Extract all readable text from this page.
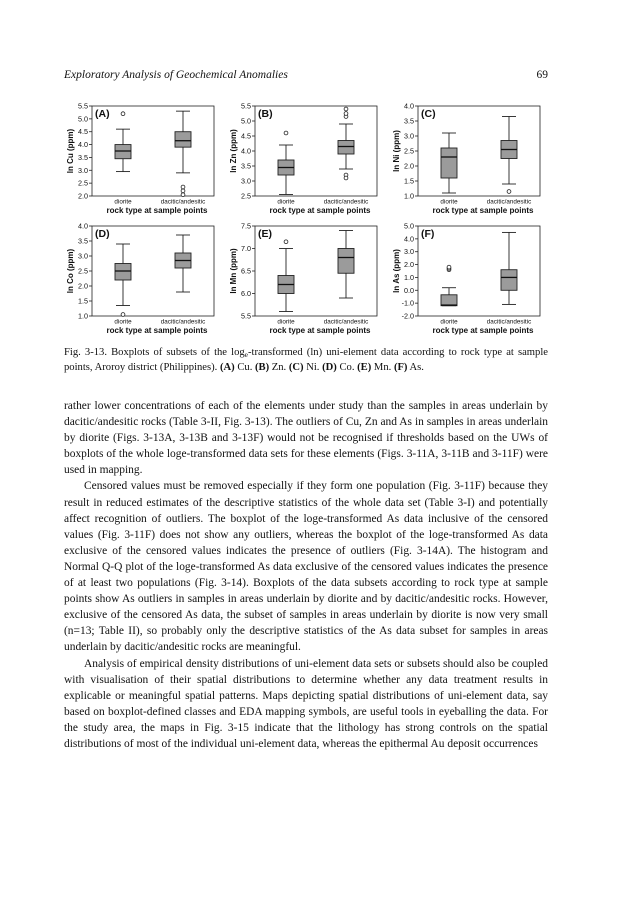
Exploratory Analysis of Geochemical Anomalies	69
2.0
2.5
3.0
3.5
4.0
4.5
5.0
5.5
ln Cu (ppm)
(A)
diorite	dacitic/andesitic
rock type at sample points
2.5
3.0
3.5
4.0
4.5
5.0
5.5
ln Zn (ppm)
(B)
diorite	dacitic/andesitic
rock type at sample points
1.0
1.5
2.0
2.5
3.0
3.5
4.0
ln Ni (ppm)
(C)
diorite	dacitic/andesitic
rock type at sample points
1.0
1.5
2.0
2.5
3.0
3.5
4.0
ln Co (ppm)
(D)
diorite	dacitic/andesitic
rock type at sample points
5.5
6.0
6.5
7.0
7.5
ln Mn (ppm)
(E)
diorite	dacitic/andesitic
rock type at sample points
-2.0
-1.0
0.0
1.0
2.0
3.0
4.0
5.0
ln As (ppm)
(F)
diorite	dacitic/andesitic
rock type at sample points
Fig. 3-13. Boxplots of subsets of the $\log_e$-transformed (ln) uni-element data according to rock type at sample points, Aroroy district (Philippines). (A) Cu. (B) Zn. (C) Ni. (D) Co. (E) Mn. (F) As.

rather lower concentrations of each of the elements under study than the samples in areas underlain by dacitic/andesitic rocks (Table 3-II, Fig. 3-13). The outliers of Cu, Zn and As in samples in areas underlain by diorite (Figs. 3-13A, 3-13B and 3-13F) would not be recognised if thresholds based on the UWs of boxplots of the whole loge-transformed data sets for these elements (Figs. 3-11A, 3-11B and 3-11F) were used in mapping.

Censored values must be removed especially if they form one population (Fig. 3-11F) because they result in reduced estimates of the descriptive statistics of the whole data set (Table 3-I) and potentially affect recognition of outliers. The boxplot of the loge-transformed As data inclusive of the censored values (Fig. 3-11F) does not show any outliers, whereas the boxplot of the loge-transformed As data exclusive of the censored values indicates the presence of outliers (Fig. 3-14A). The histogram and Normal Q-Q plot of the loge-transformed As data exclusive of the censored values indicates the presence of at least two populations (Fig. 3-14). Boxplots of the data subsets according to rock type at sample points show As outliers in samples in areas underlain by diorite and by dacitic/andesitic rocks. However, exclusive of the censored As data, the subset of samples in areas underlain by diorite is now very small (n=13; Table II), so probably only the descriptive statistics of the As data subset for samples in areas underlain by dacitic/andesitic rocks are meaningful.

Analysis of empirical density distributions of uni-element data sets or subsets should also be coupled with visualisation of their spatial distributions to determine whether any data treatment results in explicable or meaningful spatial patterns. Maps depicting spatial distributions of uni-element data, say based on boxplot-defined classes and EDA mapping symbols, are useful tools in eyeballing the data. For the study area, the maps in Fig. 3-15 indicate that the lithology has strong controls on the spatial distributions of most of the individual uni-element data, whereas the epithermal Au deposit occurrences
